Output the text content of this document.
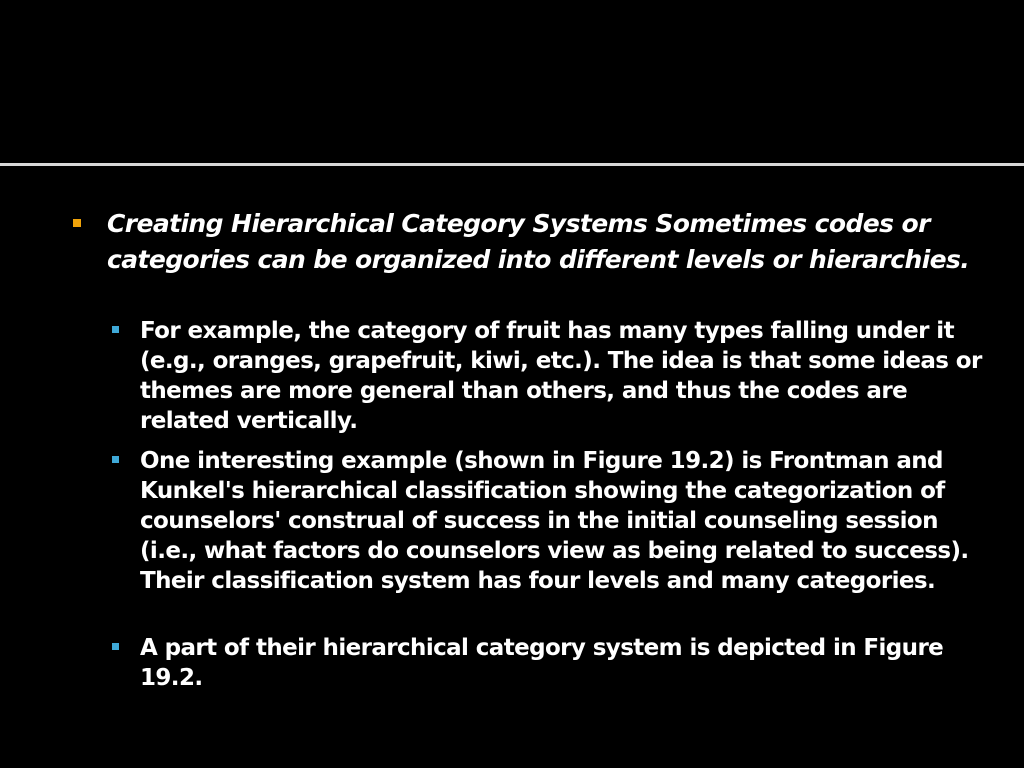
Creating Hierarchical Category Systems Sometimes codes or categories can be organized into different levels or hierarchies.
For example, the category of fruit has many types falling under it (e.g., oranges, grapefruit, kiwi, etc.). The idea is that some ideas or themes are more general than others, and thus the codes are related vertically.
One interesting example (shown in Figure 19.2) is Frontman and Kunkel's hierarchical classification showing the categorization of counselors' construal of success in the initial counseling session (i.e., what factors do counselors view as being related to success). Their classification system has four levels and many categories.
A part of their hierarchical category system is depicted in Figure 19.2.
